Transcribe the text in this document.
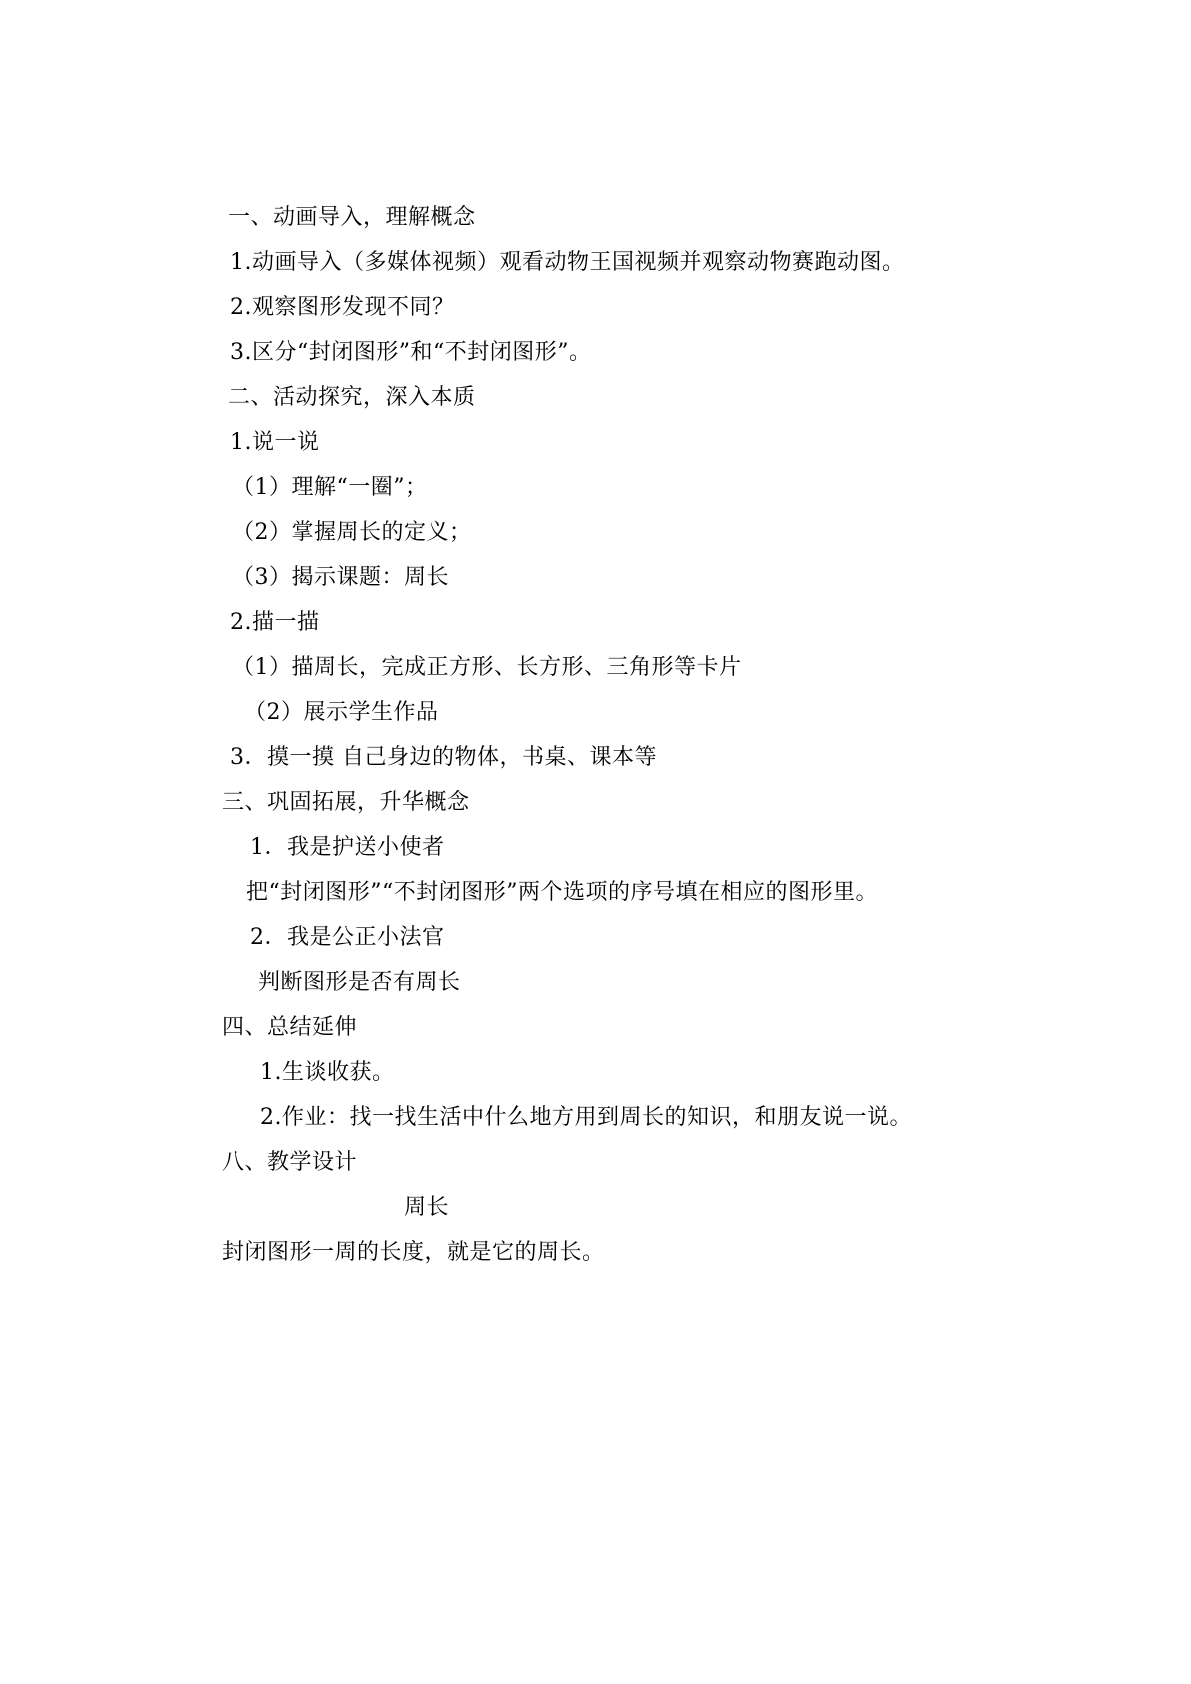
一、动画导入，理解概念
1.动画导入（多媒体视频）观看动物王国视频并观察动物赛跑动图。
2.观察图形发现不同？
3.区分“封闭图形”和“不封闭图形”。
二、活动探究，深入本质
1.说一说
（1）理解“一圈”；
（2）掌握周长的定义；
（3）揭示课题：周长
2.描一描
（1）描周长，完成正方形、长方形、三角形等卡片
（2）展示学生作品
3．摸一摸 自己身边的物体，书桌、课本等
三、巩固拓展，升华概念
1．我是护送小使者
把“封闭图形”“不封闭图形”两个选项的序号填在相应的图形里。
2．我是公正小法官
判断图形是否有周长
四、总结延伸
1.生谈收获。
2.作业：找一找生活中什么地方用到周长的知识，和朋友说一说。
八、教学设计
周长
封闭图形一周的长度，就是它的周长。
